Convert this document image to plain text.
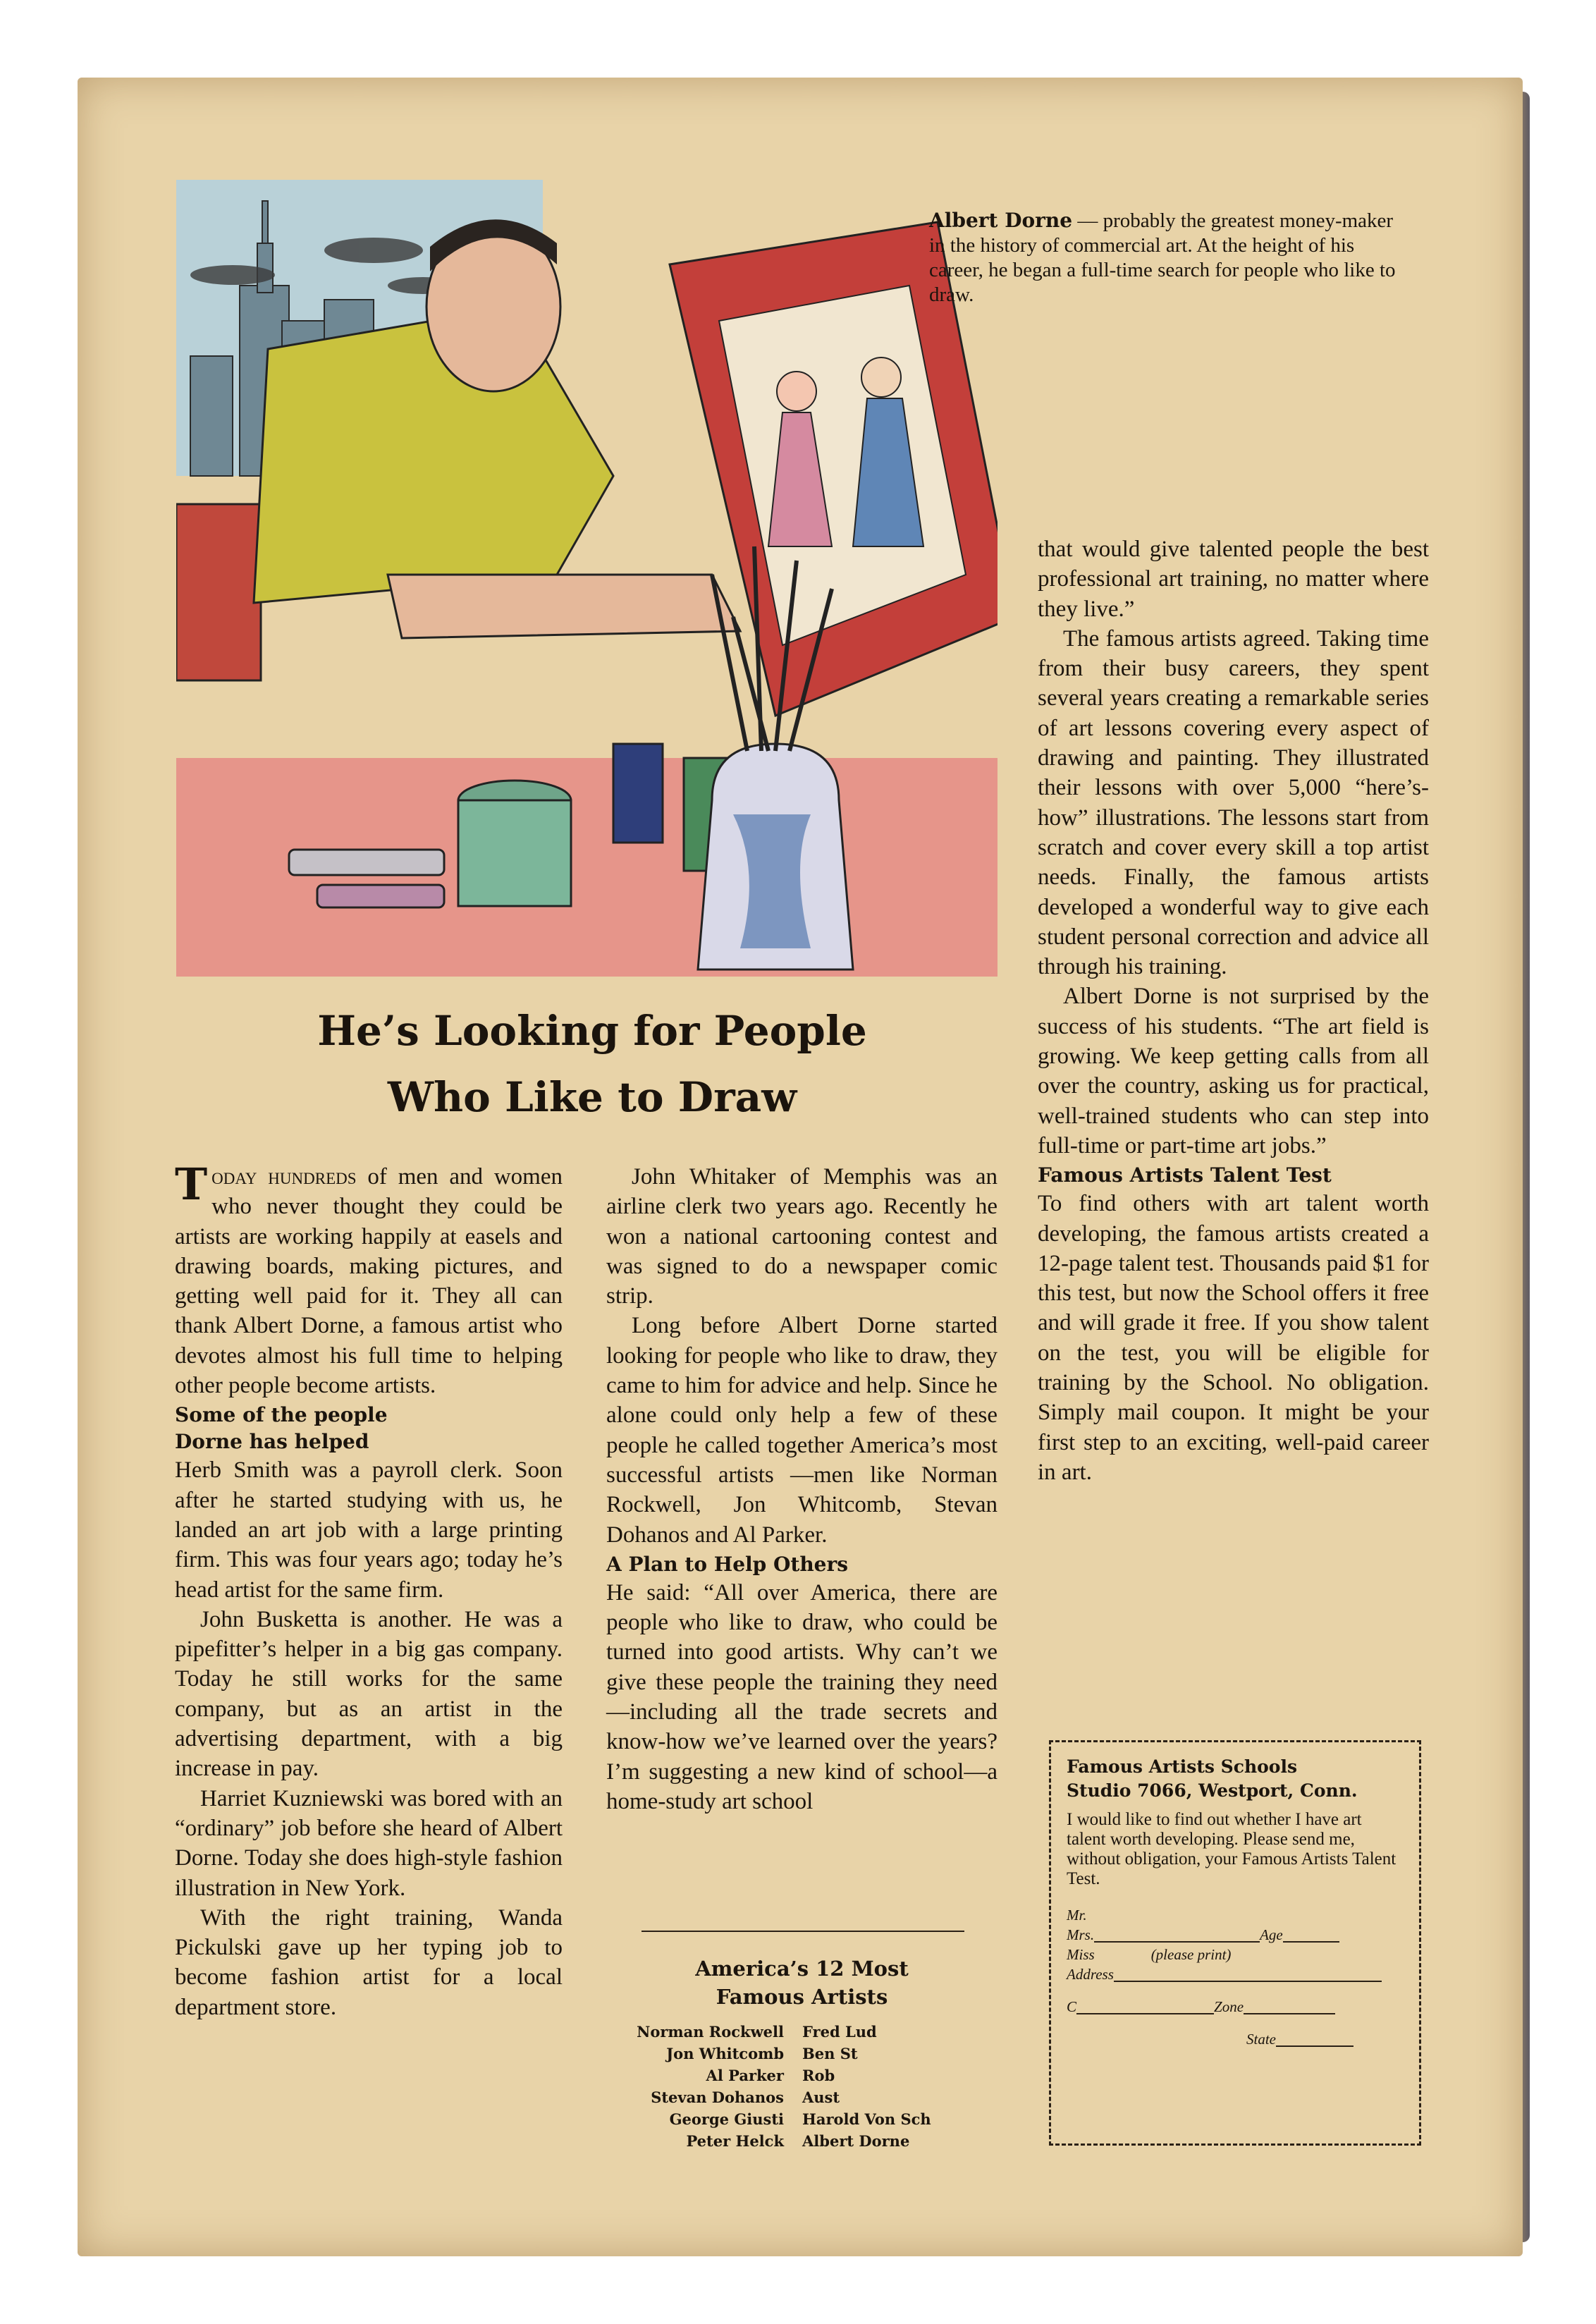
Albert Dorne — probably the greatest money-maker in the history of commercial art. At the height of his career, he began a full-time search for people who like to draw.
He’s Looking for People
Who Like to Draw

Today hundreds of men and women who never thought they could be artists are working happily at easels and drawing boards, making pictures, and getting well paid for it. They all can thank Albert Dorne, a famous artist who devotes almost his full time to helping other people become artists.

Some of the people
Dorne has helped

Herb Smith was a payroll clerk. Soon after he started studying with us, he landed an art job with a large printing firm. This was four years ago; today he’s head artist for the same firm.

John Busketta is another. He was a pipefitter’s helper in a big gas company. Today he still works for the same company, but as an artist in the advertising department, with a big increase in pay.

Harriet Kuzniewski was bored with an “ordinary” job before she heard of Albert Dorne. Today she does high-style fashion illustration in New York.

With the right training, Wanda Pickulski gave up her typing job to become fashion artist for a local department store.

John Whitaker of Memphis was an airline clerk two years ago. Recently he won a national cartooning contest and was signed to do a newspaper comic strip.

Long before Albert Dorne started looking for people who like to draw, they came to him for advice and help. Since he alone could only help a few of these people he called together America’s most successful artists —men like Norman Rockwell, Jon Whitcomb, Stevan Dohanos and Al Parker.

A Plan to Help Others

He said: “All over America, there are people who like to draw, who could be turned into good artists. Why can’t we give these people the training they need—including all the trade secrets and know-how we’ve learned over the years? I’m suggesting a new kind of school—a home-study art school

America’s 12 Most
Famous Artists
Norman Rockwell	Fred Lud
Jon Whitcomb	Ben St
Al Parker	Rob
Stevan Dohanos	Aust
George Giusti	Harold Von Sch
Peter Helck	Albert Dorne

that would give talented people the best professional art training, no matter where they live.”

The famous artists agreed. Taking time from their busy careers, they spent several years creating a remarkable series of art lessons covering every aspect of drawing and painting. They illustrated their lessons with over 5,000 “here’s-how” illustrations. The lessons start from scratch and cover every skill a top artist needs. Finally, the famous artists developed a wonderful way to give each student personal correction and advice all through his training.

Albert Dorne is not surprised by the success of his students. “The art field is growing. We keep getting calls from all over the country, asking us for practical, well-trained students who can step into full-time or part-time art jobs.”

Famous Artists Talent Test

To find others with art talent worth developing, the famous artists created a 12-page talent test. Thousands paid $1 for this test, but now the School offers it free and will grade it free. If you show talent on the test, you will be eligible for training by the School. No obligation. Simply mail coupon. It might be your first step to an exciting, well-paid career in art.

Famous Artists Schools
Studio 7066, Westport, Conn.
I would like to find out whether I have art talent worth developing. Please send me, without obligation, your Famous Artists Talent Test.
Mr.
Mrs.	Age
Miss	(please print)
Address
C	Zone
State
